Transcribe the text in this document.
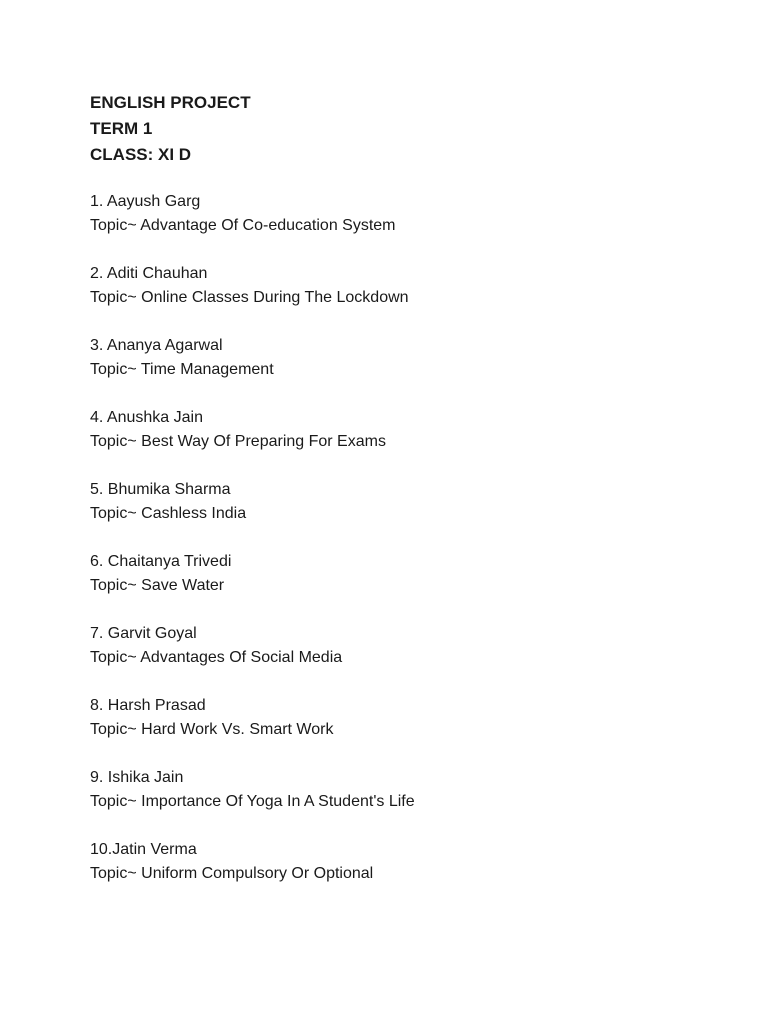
ENGLISH PROJECT

TERM 1

CLASS: XI D

1. Aayush Garg

Topic~ Advantage Of Co-education System

2. Aditi Chauhan

Topic~ Online Classes During The Lockdown

3. Ananya Agarwal

Topic~ Time Management

4. Anushka Jain

Topic~ Best Way Of Preparing For Exams

5. Bhumika Sharma

Topic~ Cashless India

6. Chaitanya Trivedi

Topic~ Save Water

7. Garvit Goyal

Topic~ Advantages Of Social Media

8. Harsh Prasad

Topic~ Hard Work Vs. Smart Work

9. Ishika Jain

Topic~ Importance Of Yoga In A Student's Life

10.Jatin Verma

Topic~ Uniform Compulsory Or Optional
